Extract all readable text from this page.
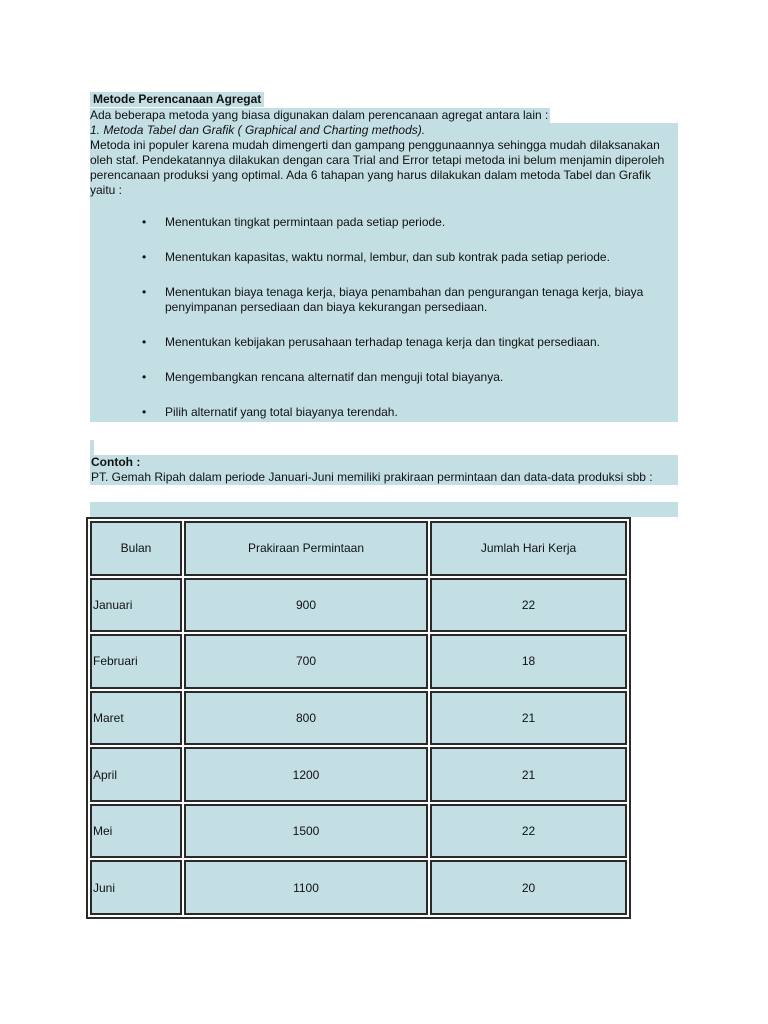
Metode Perencanaan Agregat
Ada beberapa metoda yang biasa digunakan dalam perencanaan agregat antara lain :
1. Metoda Tabel dan Grafik ( Graphical and Charting methods).

Metoda ini populer karena mudah dimengerti dan gampang penggunaannya sehingga mudah dilaksanakan oleh staf. Pendekatannya dilakukan dengan cara Trial and Error tetapi metoda ini belum menjamin diperoleh perencanaan produksi yang optimal. Ada 6 tahapan yang harus dilakukan dalam metoda Tabel dan Grafik yaitu :

• Menentukan tingkat permintaan pada setiap periode.
• Menentukan kapasitas, waktu normal, lembur, dan sub kontrak pada setiap periode.
• Menentukan biaya tenaga kerja, biaya penambahan dan pengurangan tenaga kerja, biaya penyimpanan persediaan dan biaya kekurangan persediaan.
• Menentukan kebijakan perusahaan terhadap tenaga kerja dan tingkat persediaan.
• Mengembangkan rencana alternatif dan menguji total biayanya.
• Pilih alternatif yang total biayanya terendah.
Contoh :
PT. Gemah Ripah dalam periode Januari-Juni memiliki prakiraan permintaan dan data-data produksi sbb :
Bulan	Prakiraan Permintaan	Jumlah Hari Kerja
Januari	900	22
Februari	700	18
Maret	800	21
April	1200	21
Mei	1500	22
Juni	1100	20
